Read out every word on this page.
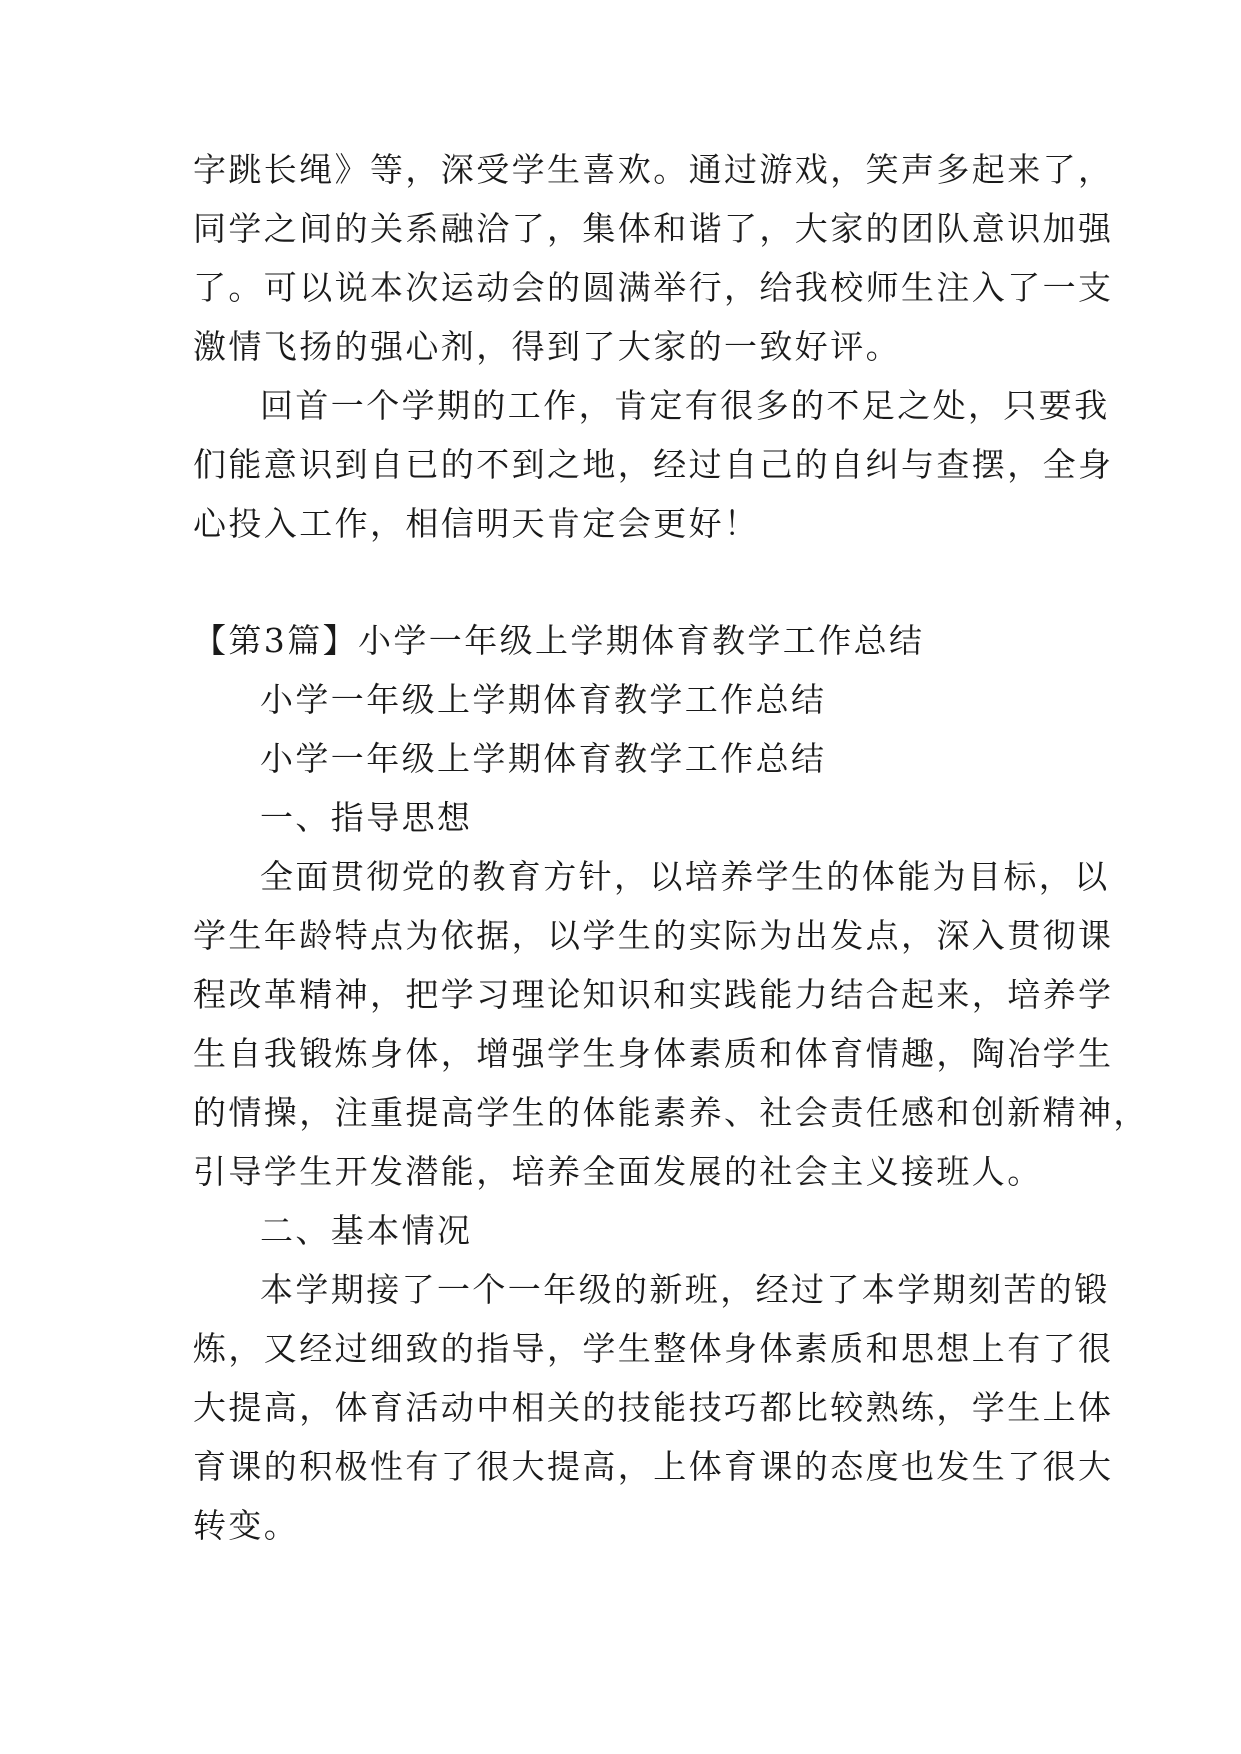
字跳长绳》等，深受学生喜欢。通过游戏，笑声多起来了，
同学之间的关系融洽了，集体和谐了，大家的团队意识加强
了。可以说本次运动会的圆满举行，给我校师生注入了一支
激情飞扬的强心剂，得到了大家的一致好评。
回首一个学期的工作，肯定有很多的不足之处，只要我
们能意识到自已的不到之地，经过自己的自纠与查摆，全身
心投入工作，相信明天肯定会更好！
【第3篇】小学一年级上学期体育教学工作总结
小学一年级上学期体育教学工作总结
小学一年级上学期体育教学工作总结
一、指导思想
全面贯彻党的教育方针，以培养学生的体能为目标，以
学生年龄特点为依据，以学生的实际为出发点，深入贯彻课
程改革精神，把学习理论知识和实践能力结合起来，培养学
生自我锻炼身体，增强学生身体素质和体育情趣，陶冶学生
的情操，注重提高学生的体能素养、社会责任感和创新精神，
引导学生开发潜能，培养全面发展的社会主义接班人。
二、基本情况
本学期接了一个一年级的新班，经过了本学期刻苦的锻
炼，又经过细致的指导，学生整体身体素质和思想上有了很
大提高，体育活动中相关的技能技巧都比较熟练，学生上体
育课的积极性有了很大提高，上体育课的态度也发生了很大
转变。
